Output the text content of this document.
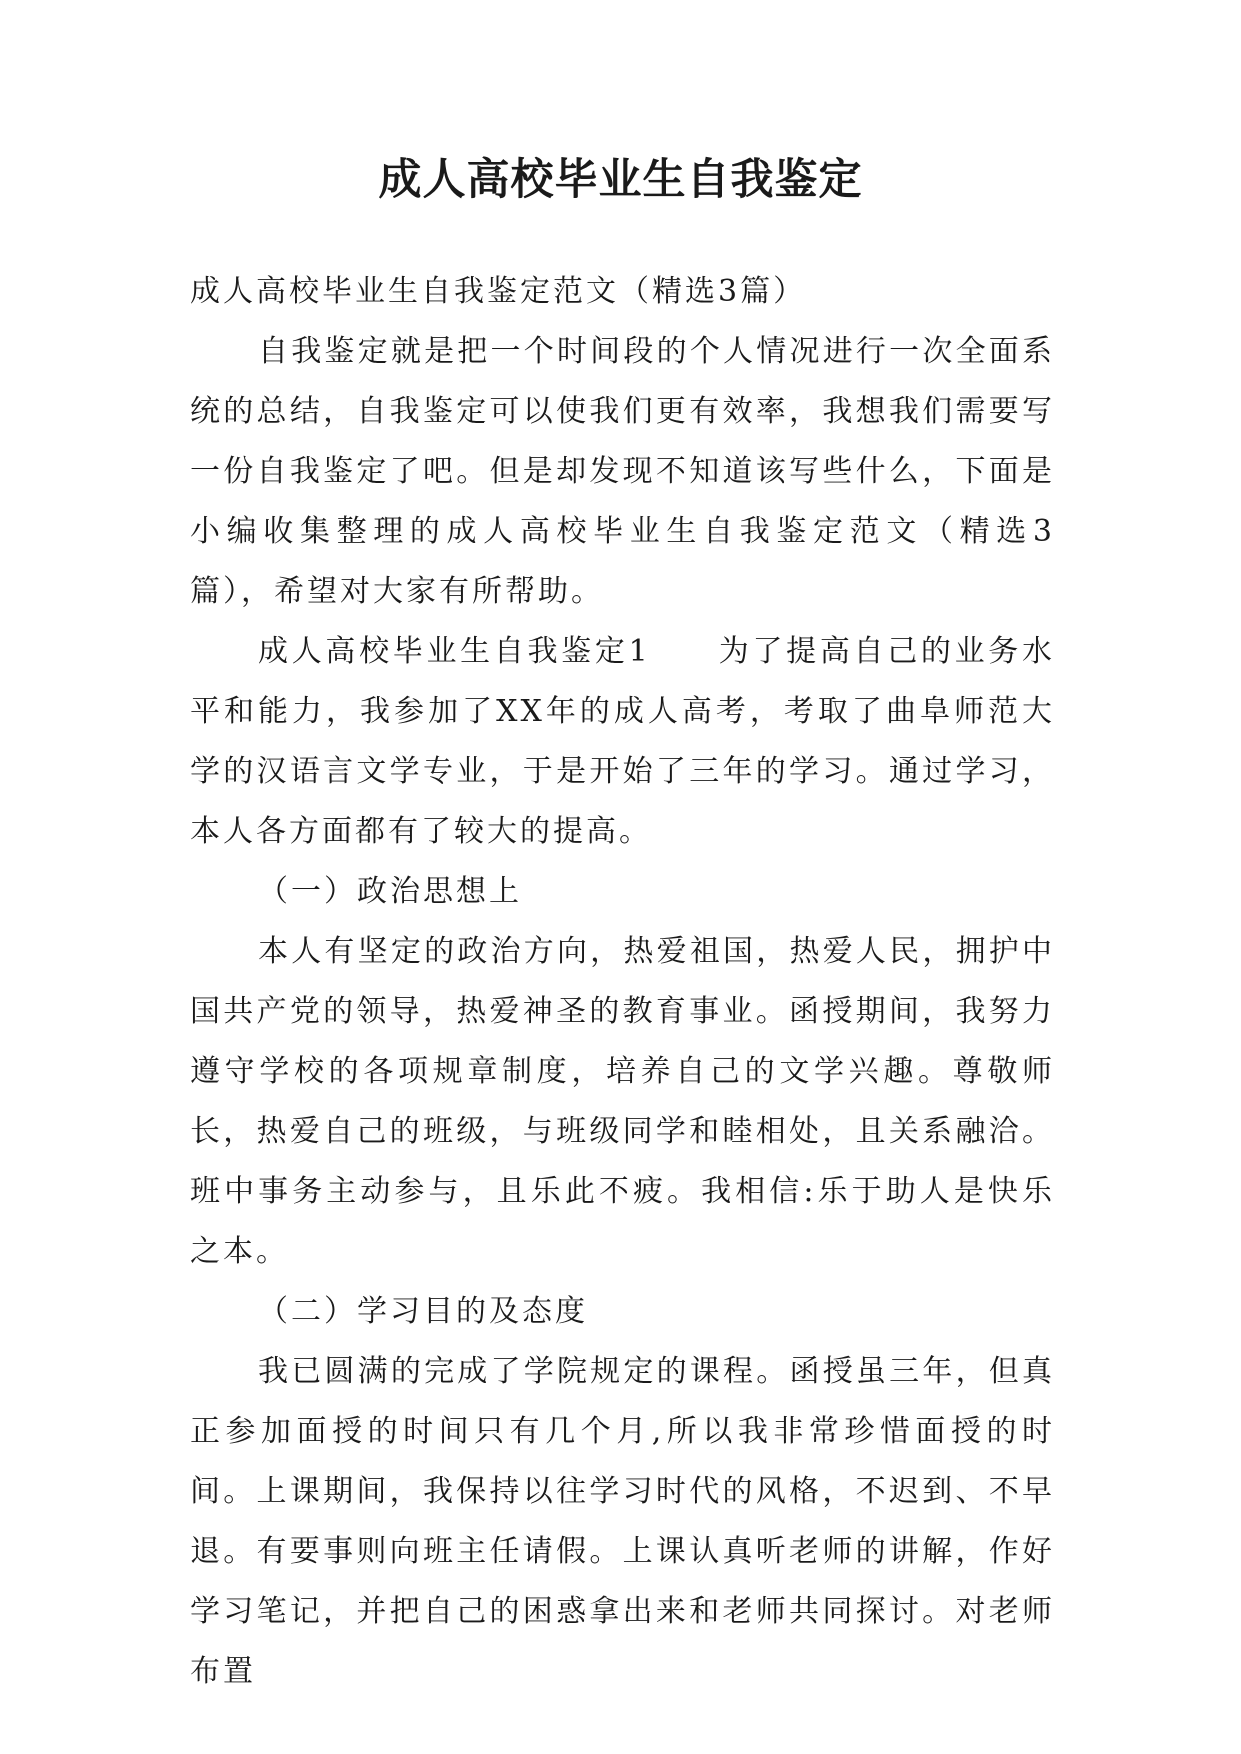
成人高校毕业生自我鉴定

成人高校毕业生自我鉴定范文（精选3篇）

自我鉴定就是把一个时间段的个人情况进行一次全面系统的总结，自我鉴定可以使我们更有效率，我想我们需要写一份自我鉴定了吧。但是却发现不知道该写些什么，下面是小编收集整理的成人高校毕业生自我鉴定范文（精选3篇），希望对大家有所帮助。

成人高校毕业生自我鉴定1　　为了提高自己的业务水平和能力，我参加了XX年的成人高考，考取了曲阜师范大学的汉语言文学专业，于是开始了三年的学习。通过学习，本人各方面都有了较大的提高。

（一）政治思想上

本人有坚定的政治方向，热爱祖国，热爱人民，拥护中国共产党的领导，热爱神圣的教育事业。函授期间，我努力遵守学校的各项规章制度，培养自己的文学兴趣。尊敬师长，热爱自己的班级，与班级同学和睦相处，且关系融洽。班中事务主动参与，且乐此不疲。我相信:乐于助人是快乐之本。

（二）学习目的及态度

我已圆满的完成了学院规定的课程。函授虽三年，但真正参加面授的时间只有几个月,所以我非常珍惜面授的时间。上课期间，我保持以往学习时代的风格，不迟到、不早退。有要事则向班主任请假。上课认真听老师的讲解，作好学习笔记，并把自己的困惑拿出来和老师共同探讨。对老师布置
